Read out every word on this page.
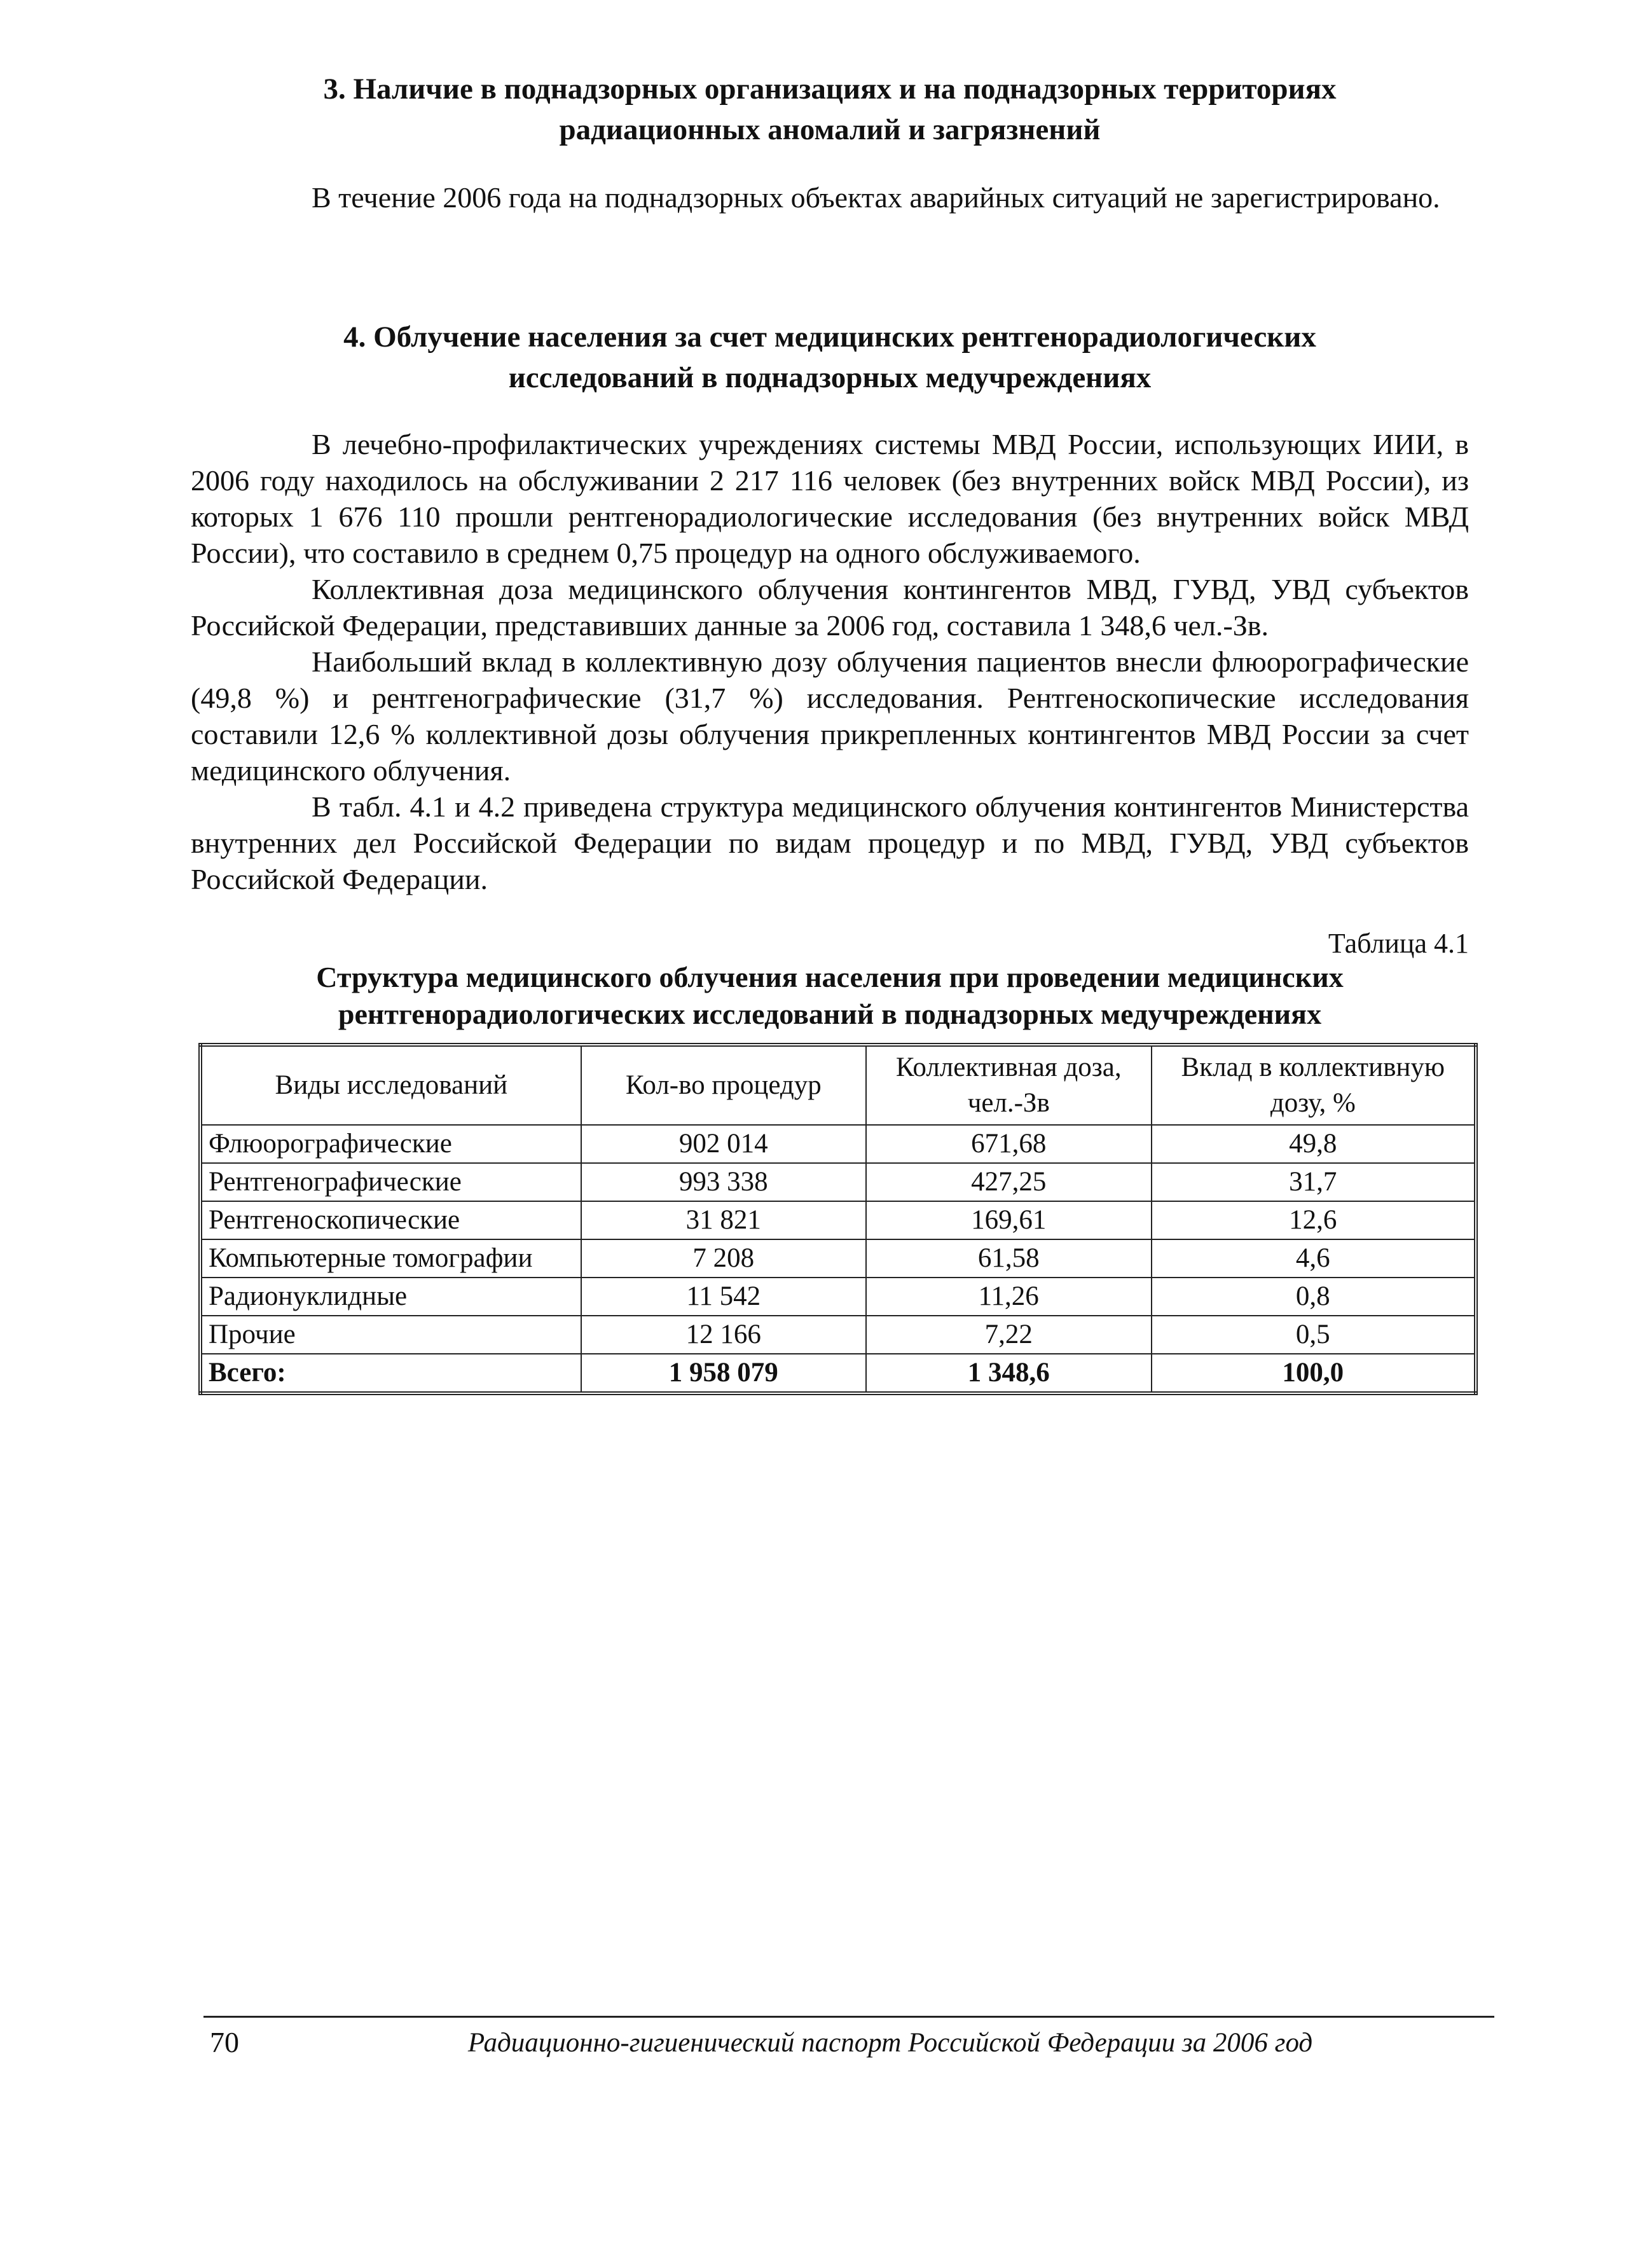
3. Наличие в поднадзорных организациях и на поднадзорных территориях
радиационных аномалий и загрязнений

В течение 2006 года на поднадзорных объектах аварийных ситуаций не зарегистрировано.

4. Облучение населения за счет медицинских рентгенорадиологических
исследований в поднадзорных медучреждениях

В лечебно-профилактических учреждениях системы МВД России, использующих ИИИ, в 2006 году находилось на обслуживании 2 217 116 человек (без внутренних войск МВД России), из которых 1 676 110 прошли рентгенорадиологические исследования (без внутренних войск МВД России), что составило в среднем 0,75 процедур на одного обслуживаемого.

Коллективная доза медицинского облучения контингентов МВД, ГУВД, УВД субъектов Российской Федерации, представивших данные за 2006 год, составила 1 348,6 чел.-Зв.

Наибольший вклад в коллективную дозу облучения пациентов внесли флюорографические (49,8 %) и рентгенографические (31,7 %) исследования. Рентгеноскопические исследования составили 12,6 % коллективной дозы облучения прикрепленных контингентов МВД России за счет медицинского облучения.

В табл. 4.1 и 4.2 приведена структура медицинского облучения контингентов Министерства внутренних дел Российской Федерации по видам процедур и по МВД, ГУВД, УВД субъектов Российской Федерации.

Таблица 4.1
Структура медицинского облучения населения при проведении медицинских
рентгенорадиологических исследований в поднадзорных медучреждениях
Виды исследований	Кол-во процедур	Коллективная доза, чел.-Зв	Вклад в коллективную дозу, %
Флюорографические	902 014	671,68	49,8
Рентгенографические	993 338	427,25	31,7
Рентгеноскопические	31 821	169,61	12,6
Компьютерные томографии	7 208	61,58	4,6
Радионуклидные	11 542	11,26	0,8
Прочие	12 166	7,22	0,5
Всего:	1 958 079	1 348,6	100,0
70	Радиационно-гигиенический паспорт Российской Федерации за 2006 год
